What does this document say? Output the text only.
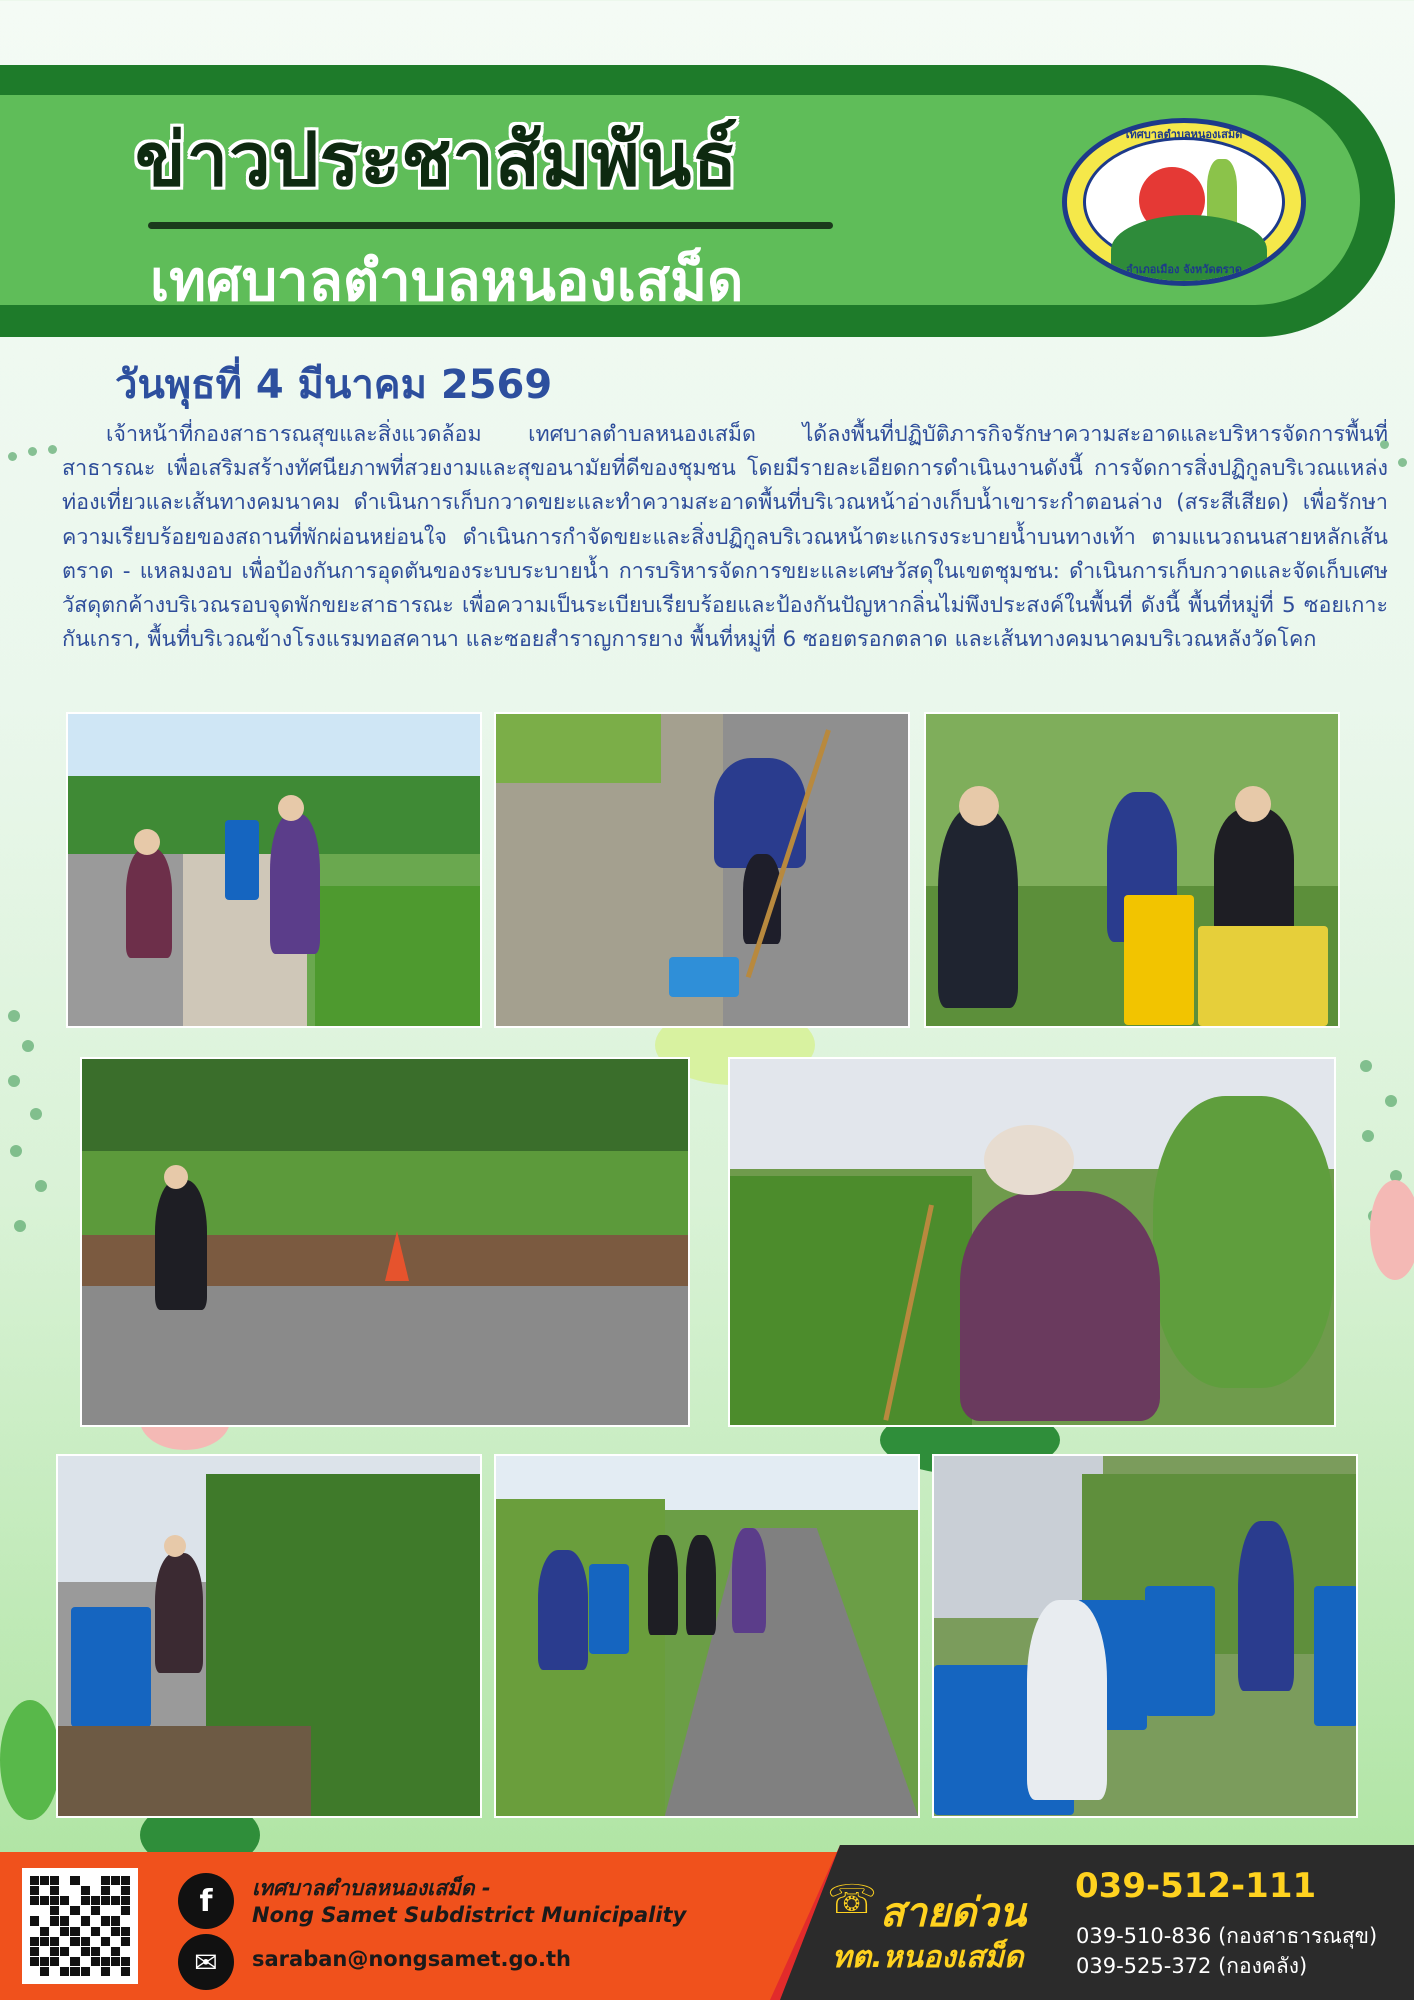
ข่าวประชาสัมพันธ์
เทศบาลตำบลหนองเสม็ด
เทศบาลตำบลหนองเสม็ด
อำเภอเมือง จังหวัดตราด
วันพุธที่ 4 มีนาคม 2569

เจ้าหน้าที่กองสาธารณสุขและสิ่งแวดล้อม เทศบาลตำบลหนองเสม็ด ได้ลงพื้นที่ปฏิบัติภารกิจรักษาความสะอาดและบริหารจัดการพื้นที่สาธารณะ เพื่อเสริมสร้างทัศนียภาพที่สวยงามและสุขอนามัยที่ดีของชุมชน โดยมีรายละเอียดการดำเนินงานดังนี้ การจัดการสิ่งปฏิกูลบริเวณแหล่งท่องเที่ยวและเส้นทางคมนาคม ดำเนินการเก็บกวาดขยะและทำความสะอาดพื้นที่บริเวณหน้าอ่างเก็บน้ำเขาระกำตอนล่าง (สระสีเสียด) เพื่อรักษาความเรียบร้อยของสถานที่พักผ่อนหย่อนใจ ดำเนินการกำจัดขยะและสิ่งปฏิกูลบริเวณหน้าตะแกรงระบายน้ำบนทางเท้า ตามแนวถนนสายหลักเส้นตราด - แหลมงอบ เพื่อป้องกันการอุดตันของระบบระบายน้ำ การบริหารจัดการขยะและเศษวัสดุในเขตชุมชน: ดำเนินการเก็บกวาดและจัดเก็บเศษวัสดุตกค้างบริเวณรอบจุดพักขยะสาธารณะ เพื่อความเป็นระเบียบเรียบร้อยและป้องกันปัญหากลิ่นไม่พึงประสงค์ในพื้นที่ ดังนี้ พื้นที่หมู่ที่ 5 ซอยเกาะกันเกรา, พื้นที่บริเวณข้างโรงแรมทอสคานา และซอยสำราญการยาง พื้นที่หมู่ที่ 6 ซอยตรอกตลาด และเส้นทางคมนาคมบริเวณหลังวัดโคก

f	เทศบาลตำบลหนองเสม็ด -

Nong Samet Subdistrict Municipality

✉	saraban@nongsamet.go.th

☏ สายด่วน

ทต.หนองเสม็ด

039-512-111

039-510-836 (กองสาธารณสุข)

039-525-372 (กองคลัง)
